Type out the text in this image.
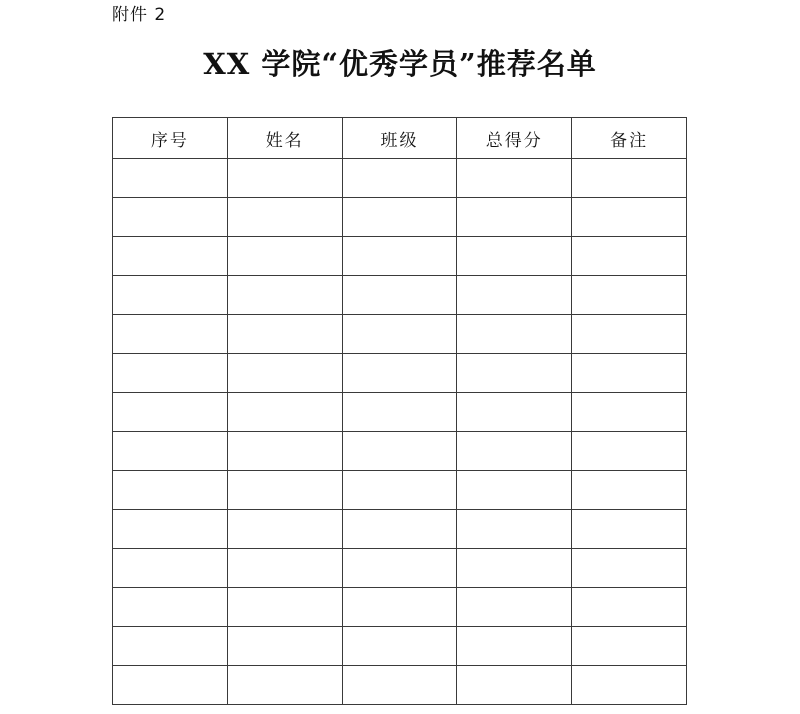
附件 2
XX 学院“优秀学员”推荐名单
序号	姓名	班级	总得分	备注
